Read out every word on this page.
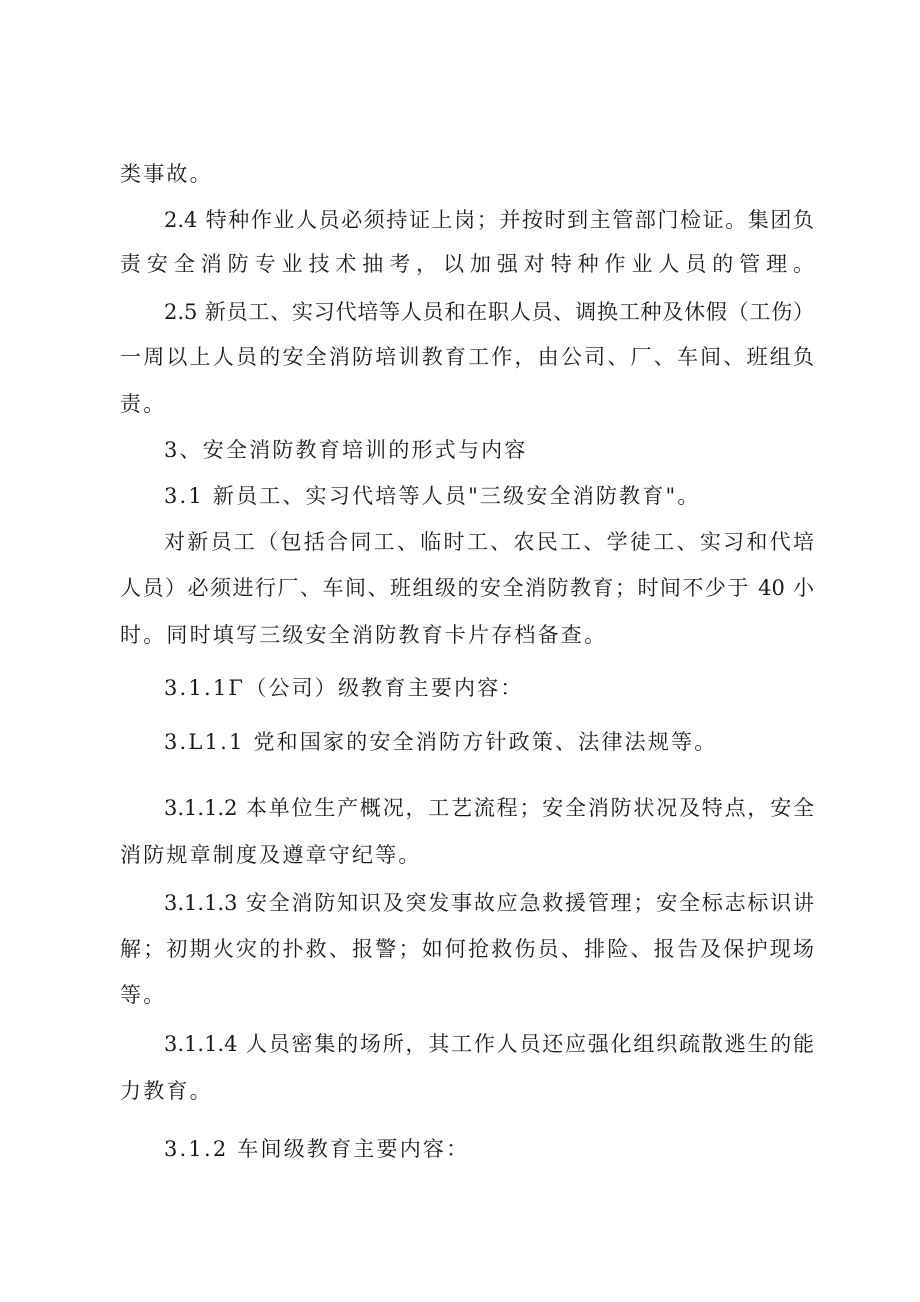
类事故。
2.4 特种作业人员必须持证上岗；并按时到主管部门检证。集团负
责安全消防专业技术抽考，以加强对特种作业人员的管理。
2.5 新员工、实习代培等人员和在职人员、调换工种及休假（工伤）
一周以上人员的安全消防培训教育工作，由公司、厂、车间、班组负
责。
3、安全消防教育培训的形式与内容
3.1 新员工、实习代培等人员"三级安全消防教育"。
对新员工（包括合同工、临时工、农民工、学徒工、实习和代培
人员）必须进行厂、车间、班组级的安全消防教育；时间不少于 40 小
时。同时填写三级安全消防教育卡片存档备查。
3.1.1Γ（公司）级教育主要内容：
3.L1.1 党和国家的安全消防方针政策、法律法规等。
3.1.1.2 本单位生产概况，工艺流程；安全消防状况及特点，安全
消防规章制度及遵章守纪等。
3.1.1.3 安全消防知识及突发事故应急救援管理；安全标志标识讲
解；初期火灾的扑救、报警；如何抢救伤员、排险、报告及保护现场
等。
3.1.1.4 人员密集的场所，其工作人员还应强化组织疏散逃生的能
力教育。
3.1.2 车间级教育主要内容：
